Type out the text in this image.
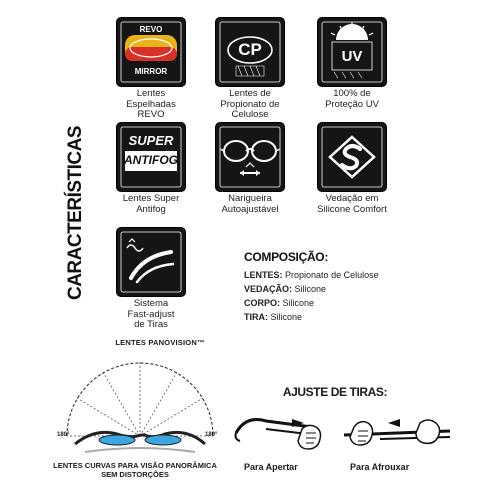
CARACTERÍSTICAS
REVO
MIRROR
Lentes
Espelhadas
REVO
CP
Lentes de
Propionato de
Celulose
UV
100% de
Proteção UV
SUPER
ANTIFOG
Lentes Super
Antifog
Narigueira
Autoajustável
Vedação em
Silicone Comfort
Sistema
Fast-adjust
de Tiras
COMPOSIÇÃO:
LENTES: Propionato de Celulose
VEDAÇÃO: Silicone
CORPO: Silicone
TIRA: Silicone
LENTES PANOVISION™
180°	180°
LENTES CURVAS PARA VISÃO PANORÂMICA
SEM DISTORÇÕES
AJUSTE DE TIRAS:
Para Apertar	Para Afrouxar
